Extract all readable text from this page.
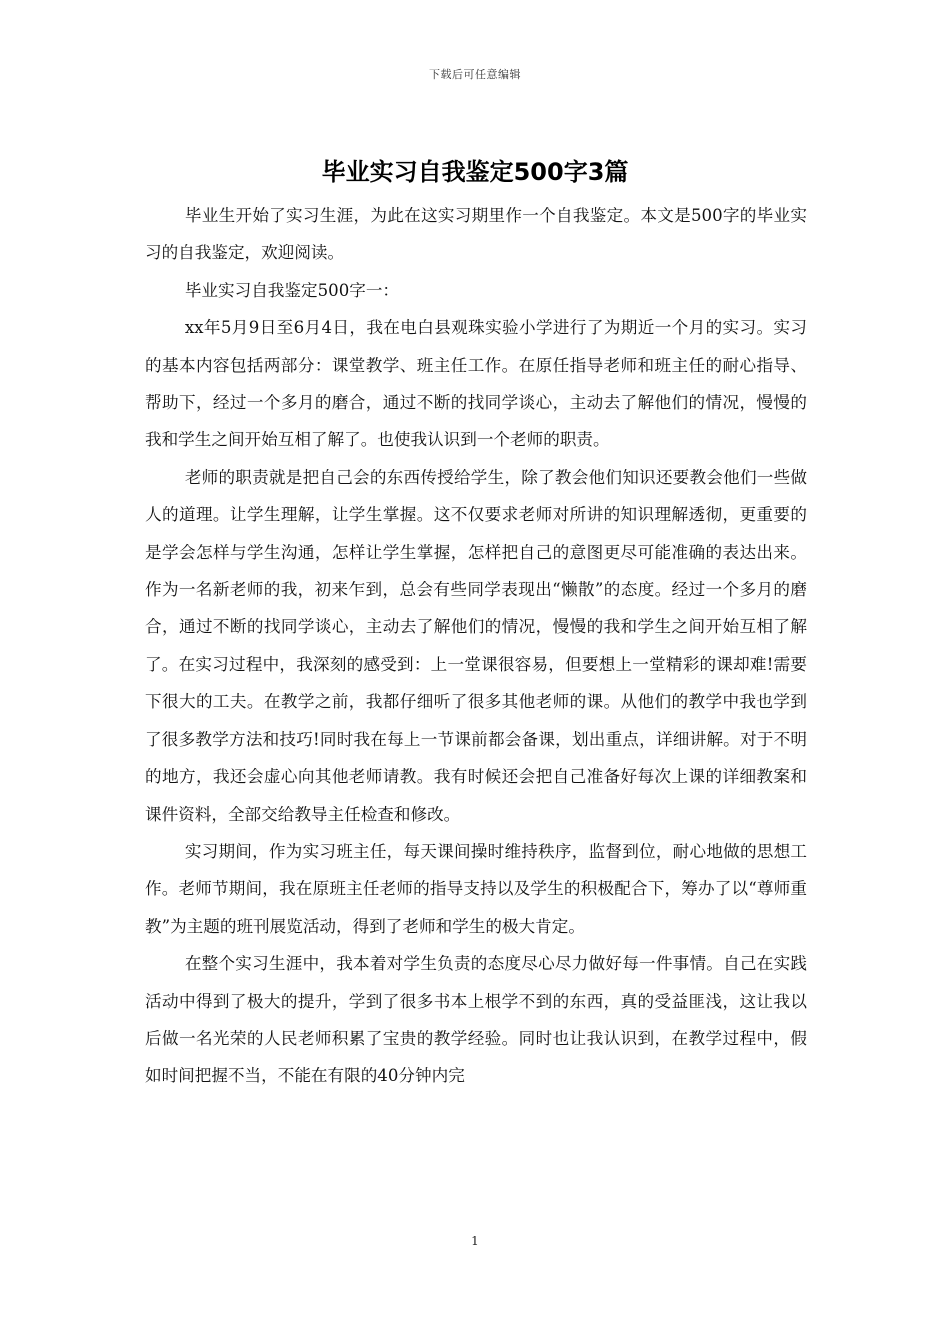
下载后可任意编辑
毕业实习自我鉴定500字3篇

毕业生开始了实习生涯，为此在这实习期里作一个自我鉴定。本文是500字的毕业实习的自我鉴定，欢迎阅读。

毕业实习自我鉴定500字一：

xx年5月9日至6月4日，我在电白县观珠实验小学进行了为期近一个月的实习。实习的基本内容包括两部分：课堂教学、班主任工作。在原任指导老师和班主任的耐心指导、帮助下，经过一个多月的磨合，通过不断的找同学谈心，主动去了解他们的情况，慢慢的我和学生之间开始互相了解了。也使我认识到一个老师的职责。

老师的职责就是把自己会的东西传授给学生，除了教会他们知识还要教会他们一些做人的道理。让学生理解，让学生掌握。这不仅要求老师对所讲的知识理解透彻，更重要的是学会怎样与学生沟通，怎样让学生掌握，怎样把自己的意图更尽可能准确的表达出来。作为一名新老师的我，初来乍到，总会有些同学表现出“懒散”的态度。经过一个多月的磨合，通过不断的找同学谈心，主动去了解他们的情况，慢慢的我和学生之间开始互相了解了。在实习过程中，我深刻的感受到：上一堂课很容易，但要想上一堂精彩的课却难!需要下很大的工夫。在教学之前，我都仔细听了很多其他老师的课。从他们的教学中我也学到了很多教学方法和技巧!同时我在每上一节课前都会备课，划出重点，详细讲解。对于不明的地方，我还会虚心向其他老师请教。我有时候还会把自己准备好每次上课的详细教案和课件资料，全部交给教导主任检查和修改。

实习期间，作为实习班主任，每天课间操时维持秩序，监督到位，耐心地做的思想工作。老师节期间，我在原班主任老师的指导支持以及学生的积极配合下，筹办了以“尊师重教”为主题的班刊展览活动，得到了老师和学生的极大肯定。

在整个实习生涯中，我本着对学生负责的态度尽心尽力做好每一件事情。自己在实践活动中得到了极大的提升，学到了很多书本上根学不到的东西，真的受益匪浅，这让我以后做一名光荣的人民老师积累了宝贵的教学经验。同时也让我认识到，在教学过程中，假如时间把握不当，不能在有限的40分钟内完

1
